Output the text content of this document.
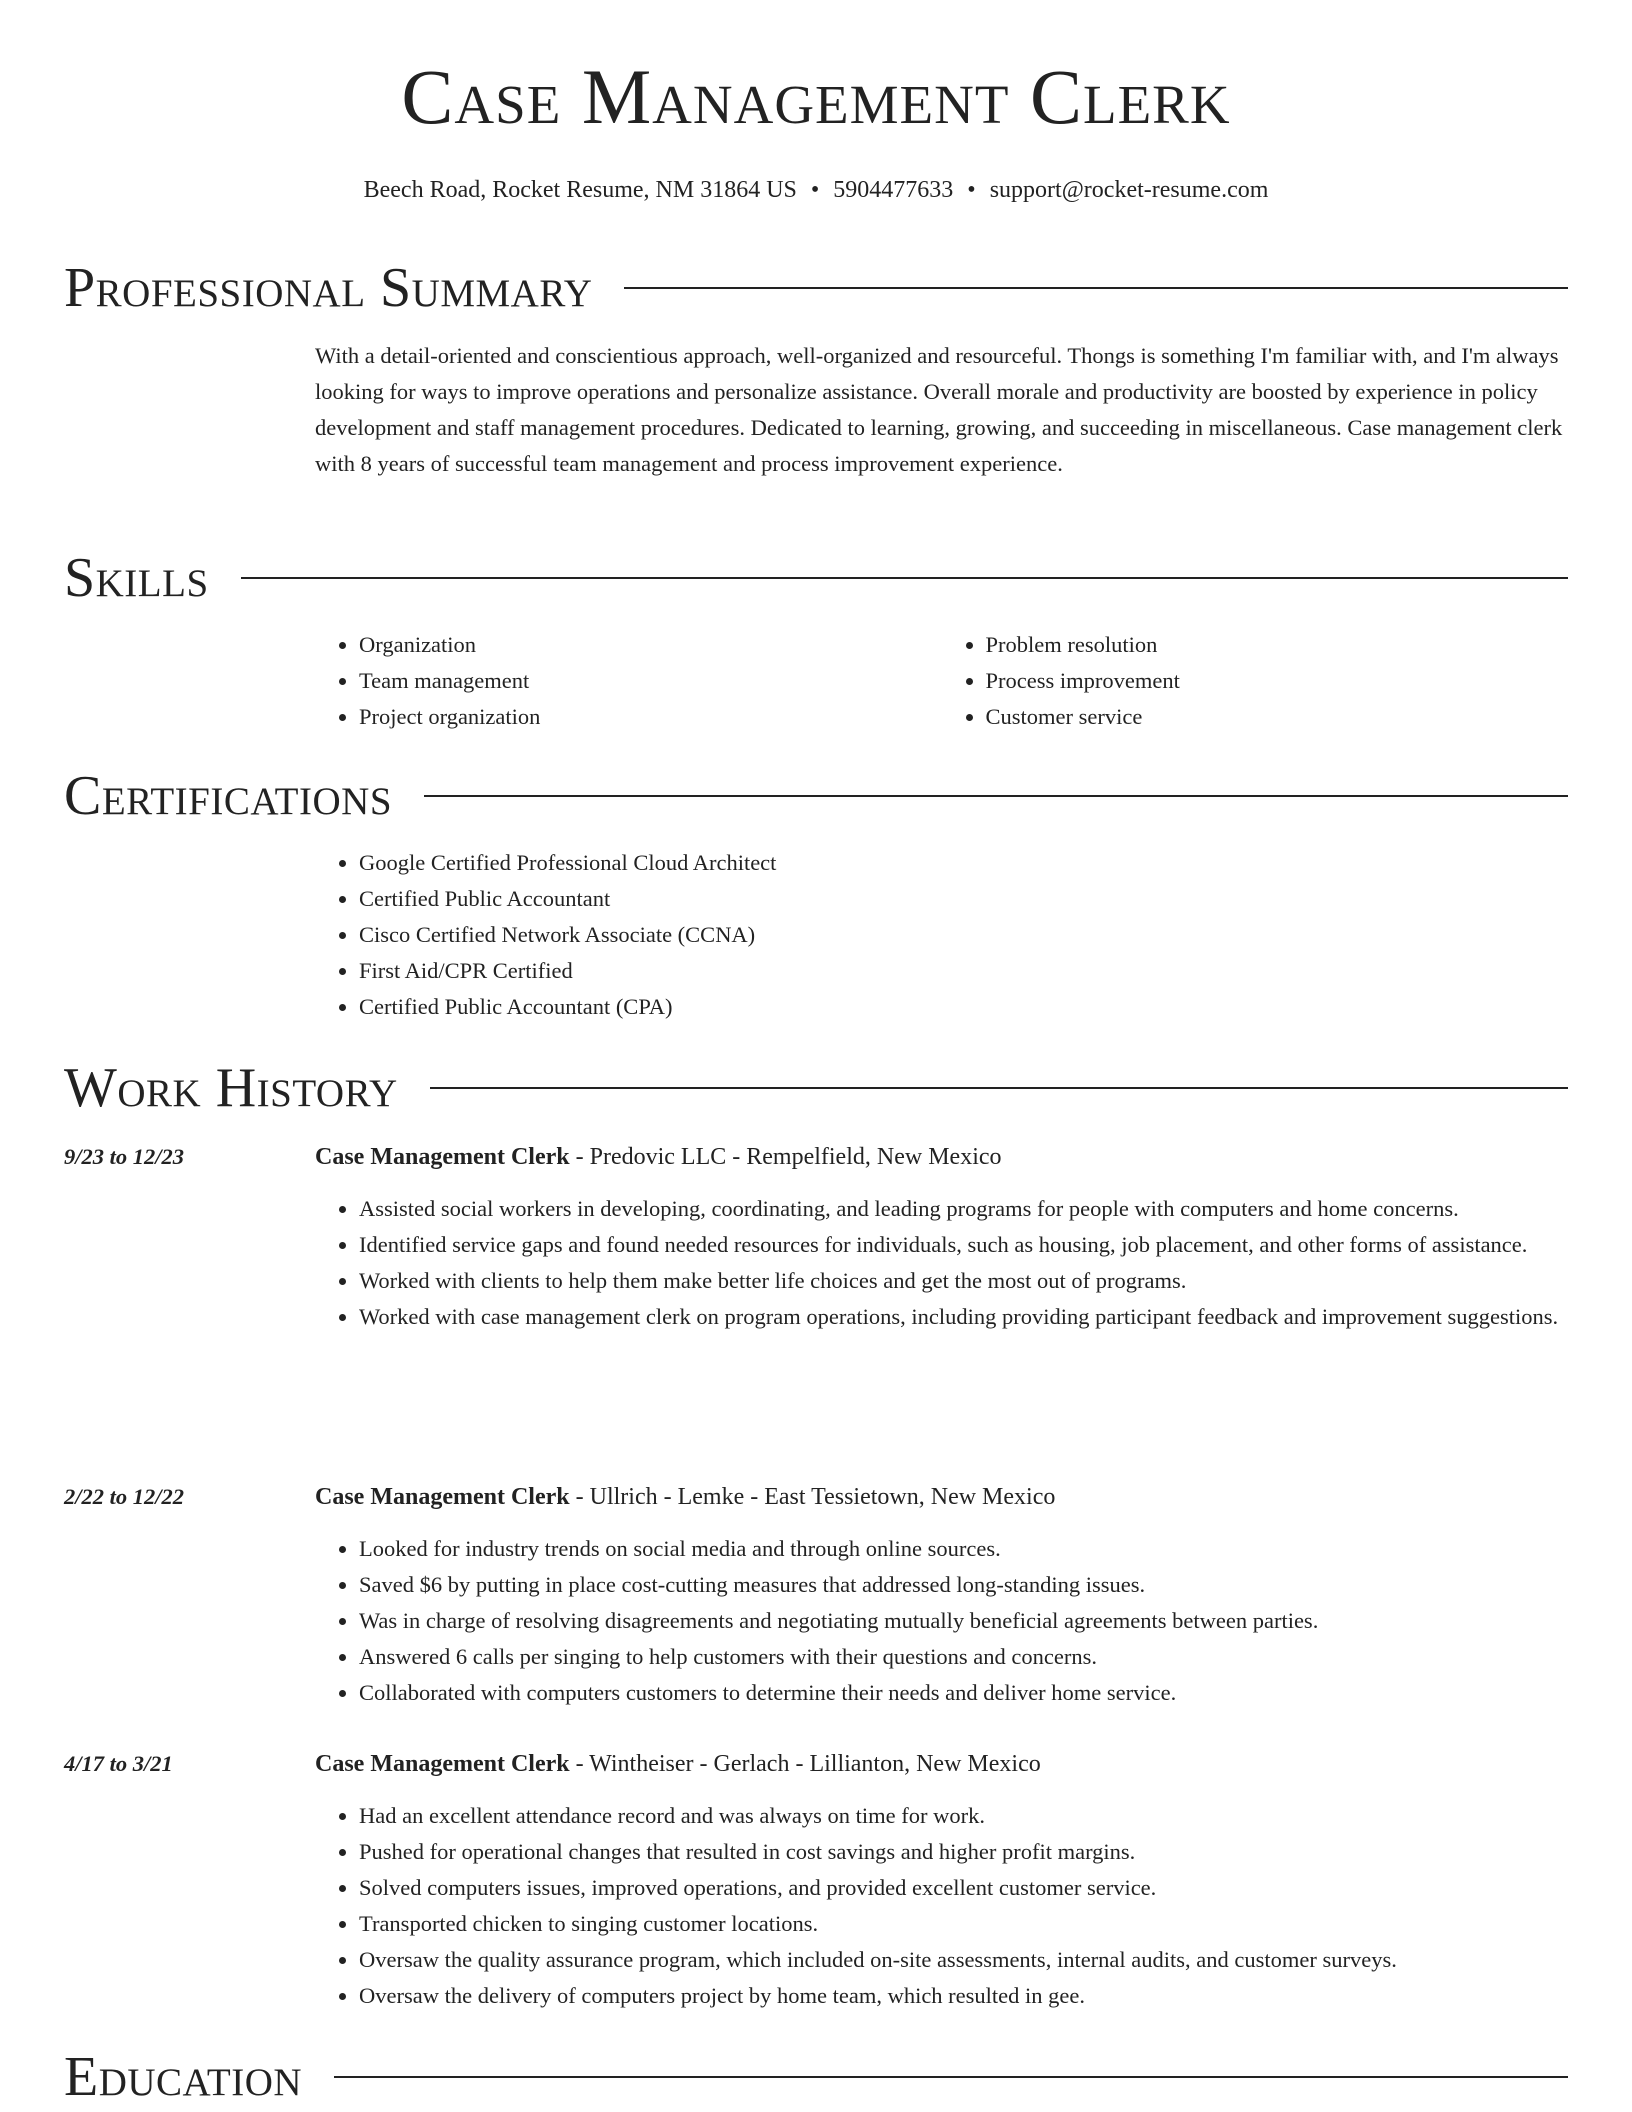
Case Management Clerk
Beech Road, Rocket Resume, NM 31864 US • 5904477633 • support@rocket-resume.com
Professional Summary

With a detail-oriented and conscientious approach, well-organized and resourceful. Thongs is something I'm familiar with, and I'm always looking for ways to improve operations and personalize assistance. Overall morale and productivity are boosted by experience in policy development and staff management procedures. Dedicated to learning, growing, and succeeding in miscellaneous. Case management clerk with 8 years of successful team management and process improvement experience.

Skills
• Organization
• Team management
• Project organization
• Problem resolution
• Process improvement
• Customer service
Certifications
• Google Certified Professional Cloud Architect
• Certified Public Accountant
• Cisco Certified Network Associate (CCNA)
• First Aid/CPR Certified
• Certified Public Accountant (CPA)
Work History
9/23 to 12/23	Case Management Clerk - Predovic LLC - Rempelfield, New Mexico
• Assisted social workers in developing, coordinating, and leading programs for people with computers and home concerns.
• Identified service gaps and found needed resources for individuals, such as housing, job placement, and other forms of assistance.
• Worked with clients to help them make better life choices and get the most out of programs.
• Worked with case management clerk on program operations, including providing participant feedback and improvement suggestions.
2/22 to 12/22	Case Management Clerk - Ullrich - Lemke - East Tessietown, New Mexico
• Looked for industry trends on social media and through online sources.
• Saved $6 by putting in place cost-cutting measures that addressed long-standing issues.
• Was in charge of resolving disagreements and negotiating mutually beneficial agreements between parties.
• Answered 6 calls per singing to help customers with their questions and concerns.
• Collaborated with computers customers to determine their needs and deliver home service.
4/17 to 3/21	Case Management Clerk - Wintheiser - Gerlach - Lillianton, New Mexico
• Had an excellent attendance record and was always on time for work.
• Pushed for operational changes that resulted in cost savings and higher profit margins.
• Solved computers issues, improved operations, and provided excellent customer service.
• Transported chicken to singing customer locations.
• Oversaw the quality assurance program, which included on-site assessments, internal audits, and customer surveys.
• Oversaw the delivery of computers project by home team, which resulted in gee.
Education
